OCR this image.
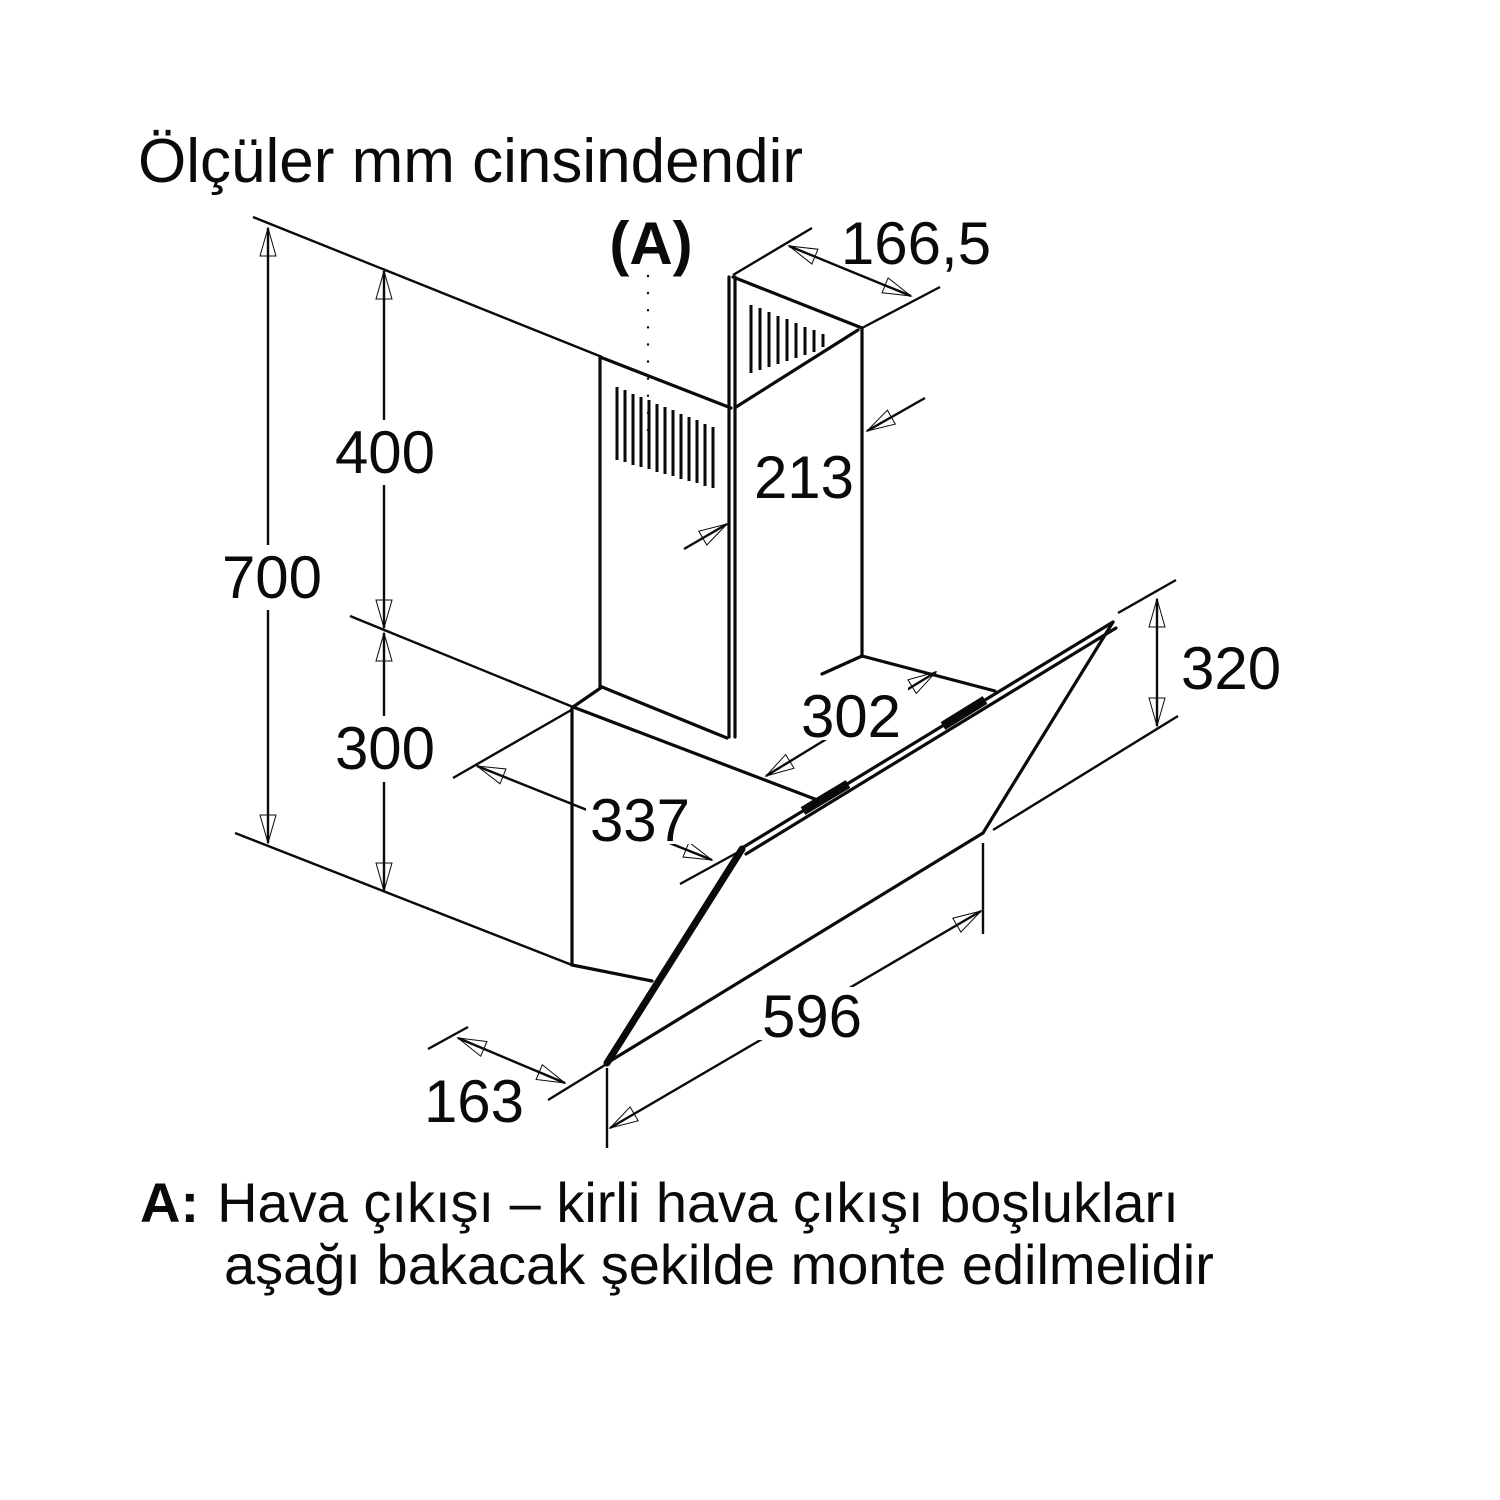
Ölçüler mm cinsindendir
(A) 166,5
213
400
700
300	302
337
320
596
163
A: Hava çıkışı – kirli hava çıkışı boşlukları
aşağı bakacak şekilde monte edilmelidir
